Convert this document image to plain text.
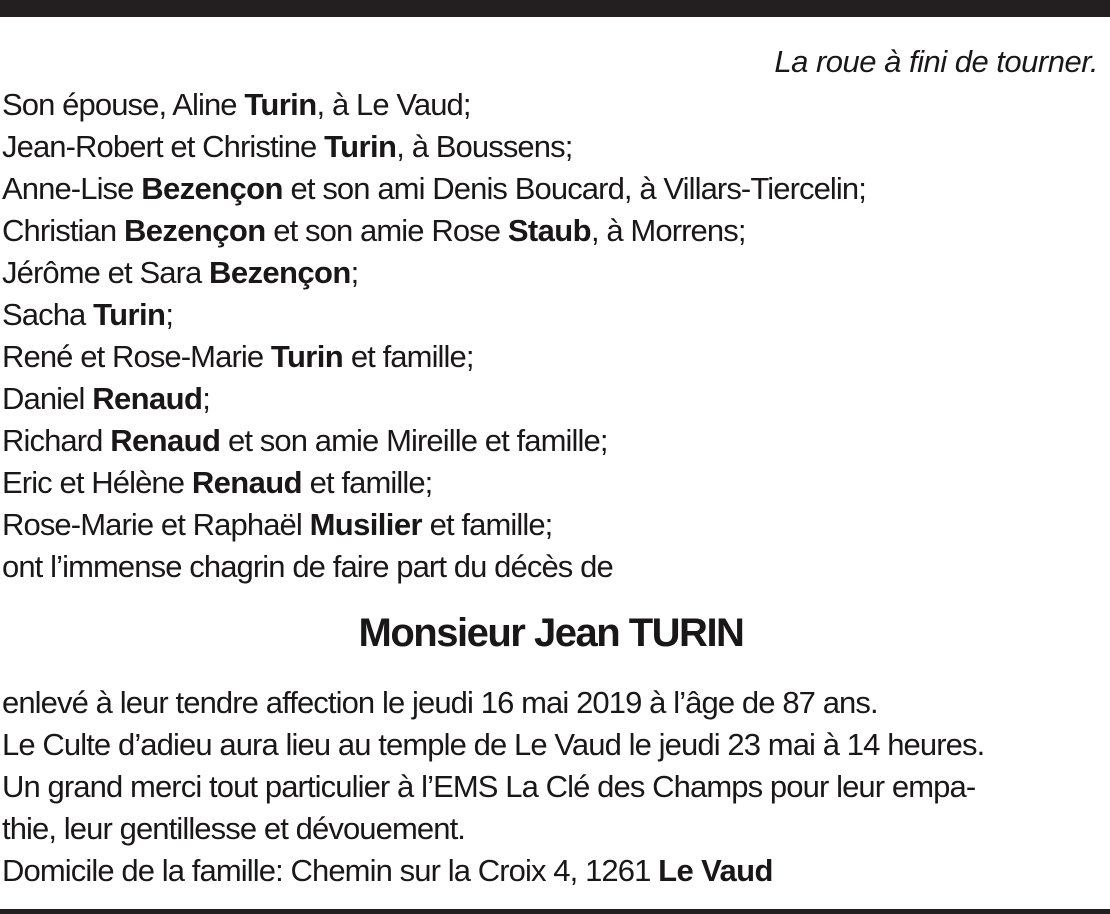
La roue à fini de tourner.
Son épouse, Aline Turin, à Le Vaud;
Jean-Robert et Christine Turin, à Boussens;
Anne-Lise Bezençon et son ami Denis Boucard, à Villars-Tiercelin;
Christian Bezençon et son amie Rose Staub, à Morrens;
Jérôme et Sara Bezençon;
Sacha Turin;
René et Rose-Marie Turin et famille;
Daniel Renaud;
Richard Renaud et son amie Mireille et famille;
Eric et Hélène Renaud et famille;
Rose-Marie et Raphaël Musilier et famille;
ont l’immense chagrin de faire part du décès de
Monsieur Jean TURIN
enlevé à leur tendre affection le jeudi 16 mai 2019 à l’âge de 87 ans.
Le Culte d’adieu aura lieu au temple de Le Vaud le jeudi 23 mai à 14 heures.
Un grand merci tout particulier à l’EMS La Clé des Champs pour leur empa-
thie, leur gentillesse et dévouement.
Domicile de la famille: Chemin sur la Croix 4, 1261 Le Vaud
